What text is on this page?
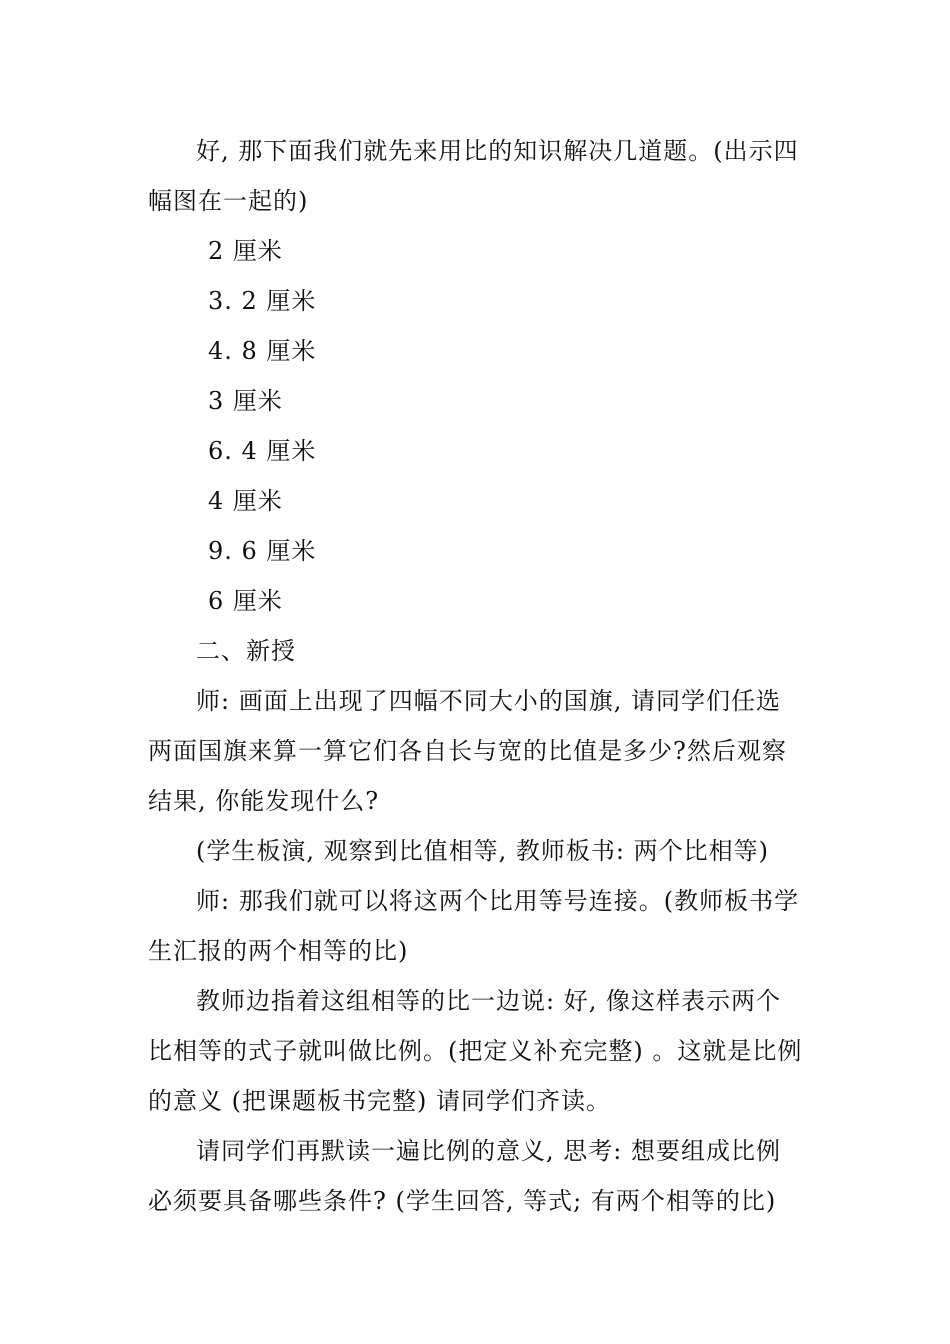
好, 那下面我们就先来用比的知识解决几道题。(出示四
幅图在一起的)
2 厘米
3. 2 厘米
4. 8 厘米
3 厘米
6. 4 厘米
4 厘米
9. 6 厘米
6 厘米
二、新授
师: 画面上出现了四幅不同大小的国旗, 请同学们任选
两面国旗来算一算它们各自长与宽的比值是多少?然后观察
结果, 你能发现什么?
(学生板演, 观察到比值相等, 教师板书: 两个比相等)
师: 那我们就可以将这两个比用等号连接。(教师板书学
生汇报的两个相等的比)
教师边指着这组相等的比一边说: 好, 像这样表示两个
比相等的式子就叫做比例。(把定义补充完整) 。这就是比例
的意义 (把课题板书完整) 请同学们齐读。
请同学们再默读一遍比例的意义, 思考: 想要组成比例
必须要具备哪些条件? (学生回答, 等式; 有两个相等的比)
